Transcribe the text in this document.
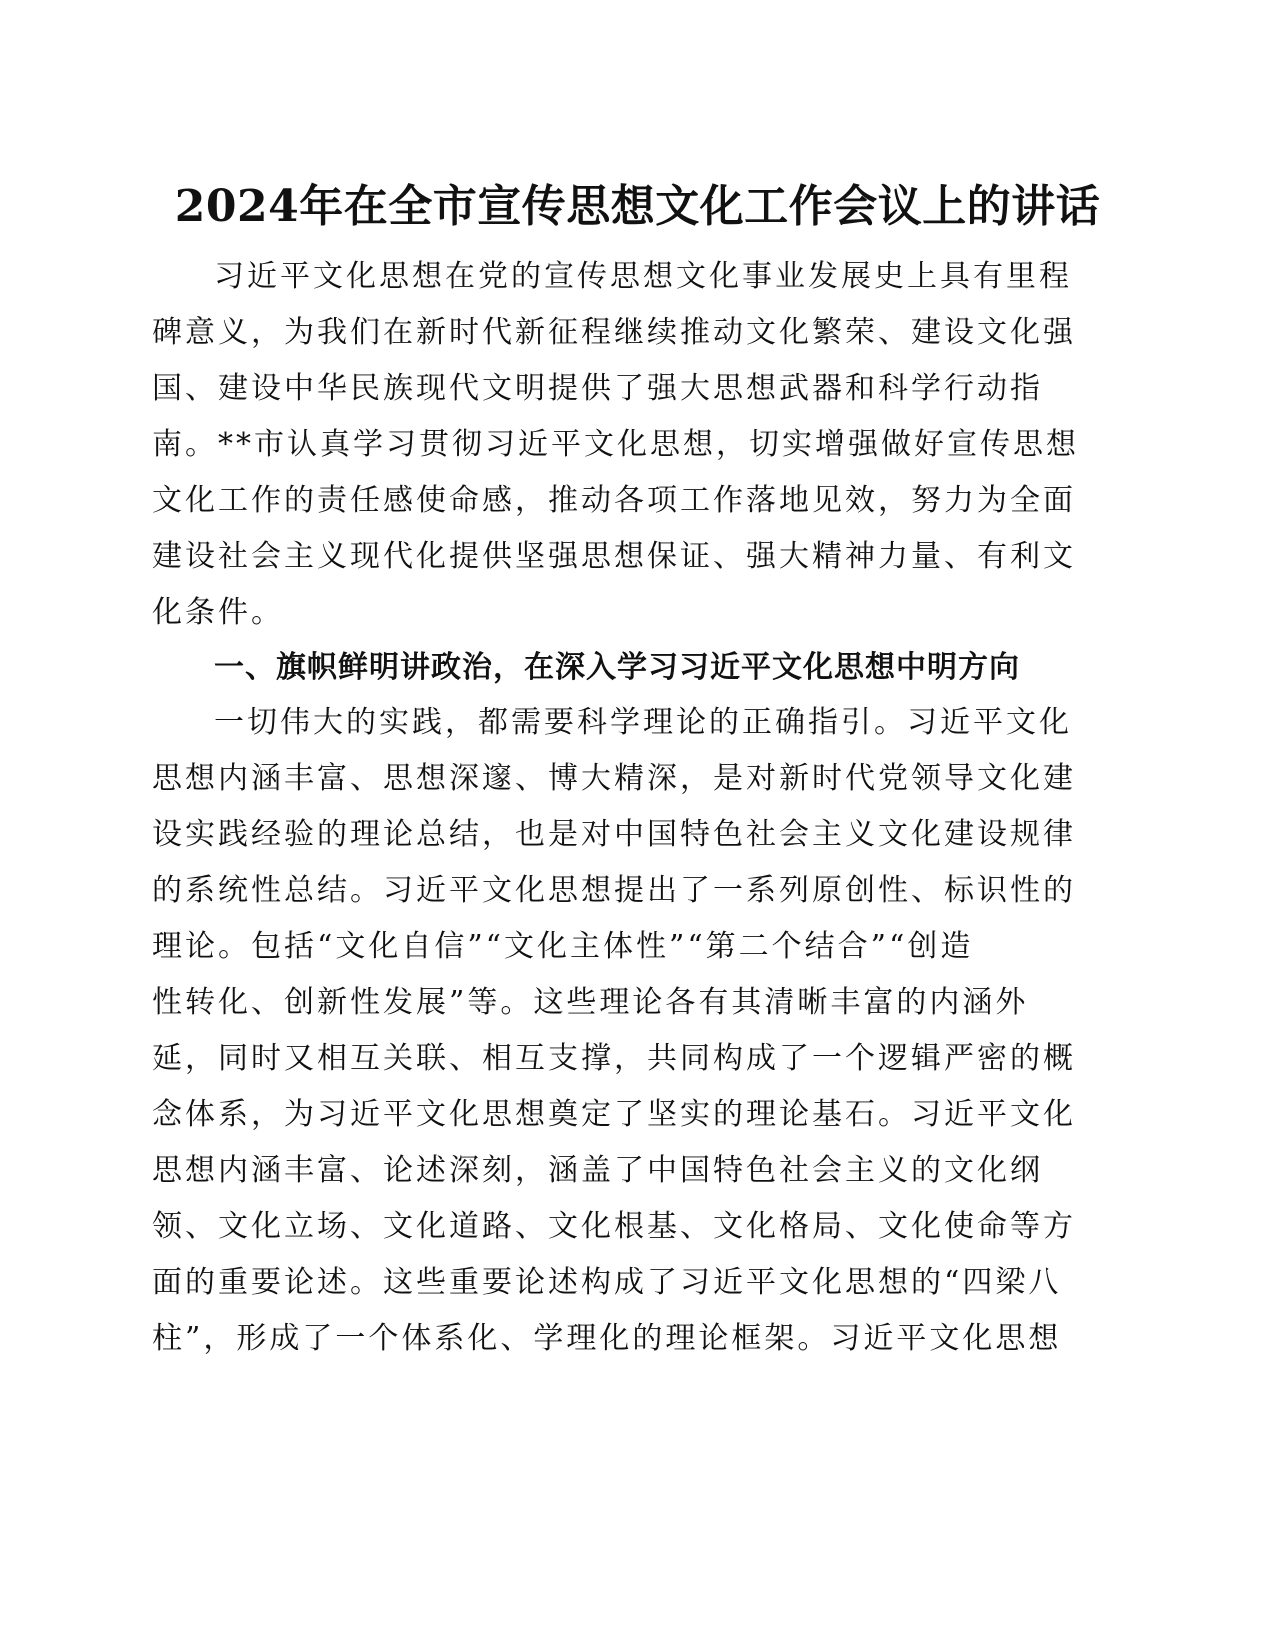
2024年在全市宣传思想文化工作会议上的讲话
习近平文化思想在党的宣传思想文化事业发展史上具有里程
碑意义，为我们在新时代新征程继续推动文化繁荣、建设文化强
国、建设中华民族现代文明提供了强大思想武器和科学行动指
南。**市认真学习贯彻习近平文化思想，切实增强做好宣传思想
文化工作的责任感使命感，推动各项工作落地见效，努力为全面
建设社会主义现代化提供坚强思想保证、强大精神力量、有利文
化条件。
一、旗帜鲜明讲政治，在深入学习习近平文化思想中明方向
一切伟大的实践，都需要科学理论的正确指引。习近平文化
思想内涵丰富、思想深邃、博大精深，是对新时代党领导文化建
设实践经验的理论总结，也是对中国特色社会主义文化建设规律
的系统性总结。习近平文化思想提出了一系列原创性、标识性的
理论。包括“文化自信”“文化主体性”“第二个结合”“创造
性转化、创新性发展”等。这些理论各有其清晰丰富的内涵外
延，同时又相互关联、相互支撑，共同构成了一个逻辑严密的概
念体系，为习近平文化思想奠定了坚实的理论基石。习近平文化
思想内涵丰富、论述深刻，涵盖了中国特色社会主义的文化纲
领、文化立场、文化道路、文化根基、文化格局、文化使命等方
面的重要论述。这些重要论述构成了习近平文化思想的“四梁八
柱”，形成了一个体系化、学理化的理论框架。习近平文化思想
